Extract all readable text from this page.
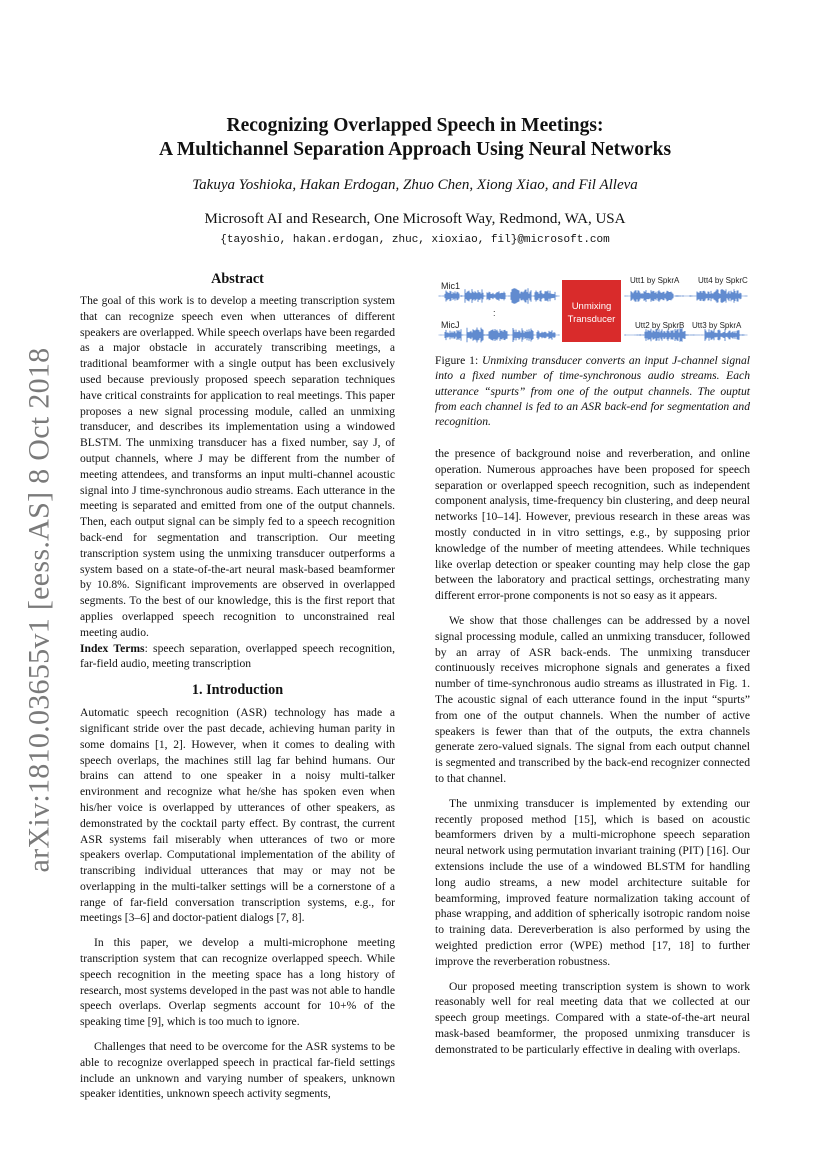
arXiv:1810.03655v1 [eess.AS] 8 Oct 2018
Recognizing Overlapped Speech in Meetings:
A Multichannel Separation Approach Using Neural Networks
Takuya Yoshioka, Hakan Erdogan, Zhuo Chen, Xiong Xiao, and Fil Alleva
Microsoft AI and Research, One Microsoft Way, Redmond, WA, USA
{tayoshio, hakan.erdogan, zhuc, xioxiao, fil}@microsoft.com
Abstract

The goal of this work is to develop a meeting transcription system that can recognize speech even when utterances of different speakers are overlapped. While speech overlaps have been regarded as a major obstacle in accurately transcribing meetings, a traditional beamformer with a single output has been exclusively used because previously proposed speech separation techniques have critical constraints for application to real meetings. This paper proposes a new signal processing module, called an unmixing transducer, and describes its implementation using a windowed BLSTM. The unmixing transducer has a fixed number, say J, of output channels, where J may be different from the number of meeting attendees, and transforms an input multi-channel acoustic signal into J time-synchronous audio streams. Each utterance in the meeting is separated and emitted from one of the output channels. Then, each output signal can be simply fed to a speech recognition back-end for segmentation and transcription. Our meeting transcription system using the unmixing transducer outperforms a system based on a state-of-the-art neural mask-based beamformer by 10.8%. Significant improvements are observed in overlapped segments. To the best of our knowledge, this is the first report that applies overlapped speech recognition to unconstrained real meeting audio.

Index Terms: speech separation, overlapped speech recognition, far-field audio, meeting transcription

1. Introduction

Automatic speech recognition (ASR) technology has made a significant stride over the past decade, achieving human parity in some domains [1, 2]. However, when it comes to dealing with speech overlaps, the machines still lag far behind humans. Our brains can attend to one speaker in a noisy multi-talker environment and recognize what he/she has spoken even when his/her voice is overlapped by utterances of other speakers, as demonstrated by the cocktail party effect. By contrast, the current ASR systems fail miserably when utterances of two or more speakers overlap. Computational implementation of the ability of transcribing individual utterances that may or may not be overlapping in the multi-talker settings will be a cornerstone of a range of far-field conversation transcription systems, e.g., for meetings [3–6] and doctor-patient dialogs [7, 8].

In this paper, we develop a multi-microphone meeting transcription system that can recognize overlapped speech. While speech recognition in the meeting space has a long history of research, most systems developed in the past was not able to handle speech overlaps. Overlap segments account for 10+% of the speaking time [9], which is too much to ignore.

Challenges that need to be overcome for the ASR systems to be able to recognize overlapped speech in practical far-field settings include an unknown and varying number of speakers, unknown speaker identities, unknown speech activity segments,

Mic1
MicJ
:
Unmixing
Transducer
Utt1 by SpkrA Utt4 by SpkrC
Utt2 by SpkrB Utt3 by SpkrA
Figure 1: Unmixing transducer converts an input J-channel signal into a fixed number of time-synchronous audio streams. Each utterance “spurts” from one of the output channels. The ouptut from each channel is fed to an ASR back-end for segmentation and recognition.

the presence of background noise and reverberation, and online operation. Numerous approaches have been proposed for speech separation or overlapped speech recognition, such as independent component analysis, time-frequency bin clustering, and deep neural networks [10–14]. However, previous research in these areas was mostly conducted in in vitro settings, e.g., by supposing prior knowledge of the number of meeting attendees. While techniques like overlap detection or speaker counting may help close the gap between the laboratory and practical settings, orchestrating many different error-prone components is not so easy as it appears.

We show that those challenges can be addressed by a novel signal processing module, called an unmixing transducer, followed by an array of ASR back-ends. The unmixing transducer continuously receives microphone signals and generates a fixed number of time-synchronous audio streams as illustrated in Fig. 1. The acoustic signal of each utterance found in the input “spurts” from one of the output channels. When the number of active speakers is fewer than that of the outputs, the extra channels generate zero-valued signals. The signal from each output channel is segmented and transcribed by the back-end recognizer connected to that channel.

The unmixing transducer is implemented by extending our recently proposed method [15], which is based on acoustic beamformers driven by a multi-microphone speech separation neural network using permutation invariant training (PIT) [16]. Our extensions include the use of a windowed BLSTM for handling long audio streams, a new model architecture suitable for beamforming, improved feature normalization taking account of phase wrapping, and addition of spherically isotropic random noise to training data. Dereverberation is also performed by using the weighted prediction error (WPE) method [17, 18] to further improve the reverberation robustness.

Our proposed meeting transcription system is shown to work reasonably well for real meeting data that we collected at our speech group meetings. Compared with a state-of-the-art neural mask-based beamformer, the proposed unmixing transducer is demonstrated to be particularly effective in dealing with overlaps.
